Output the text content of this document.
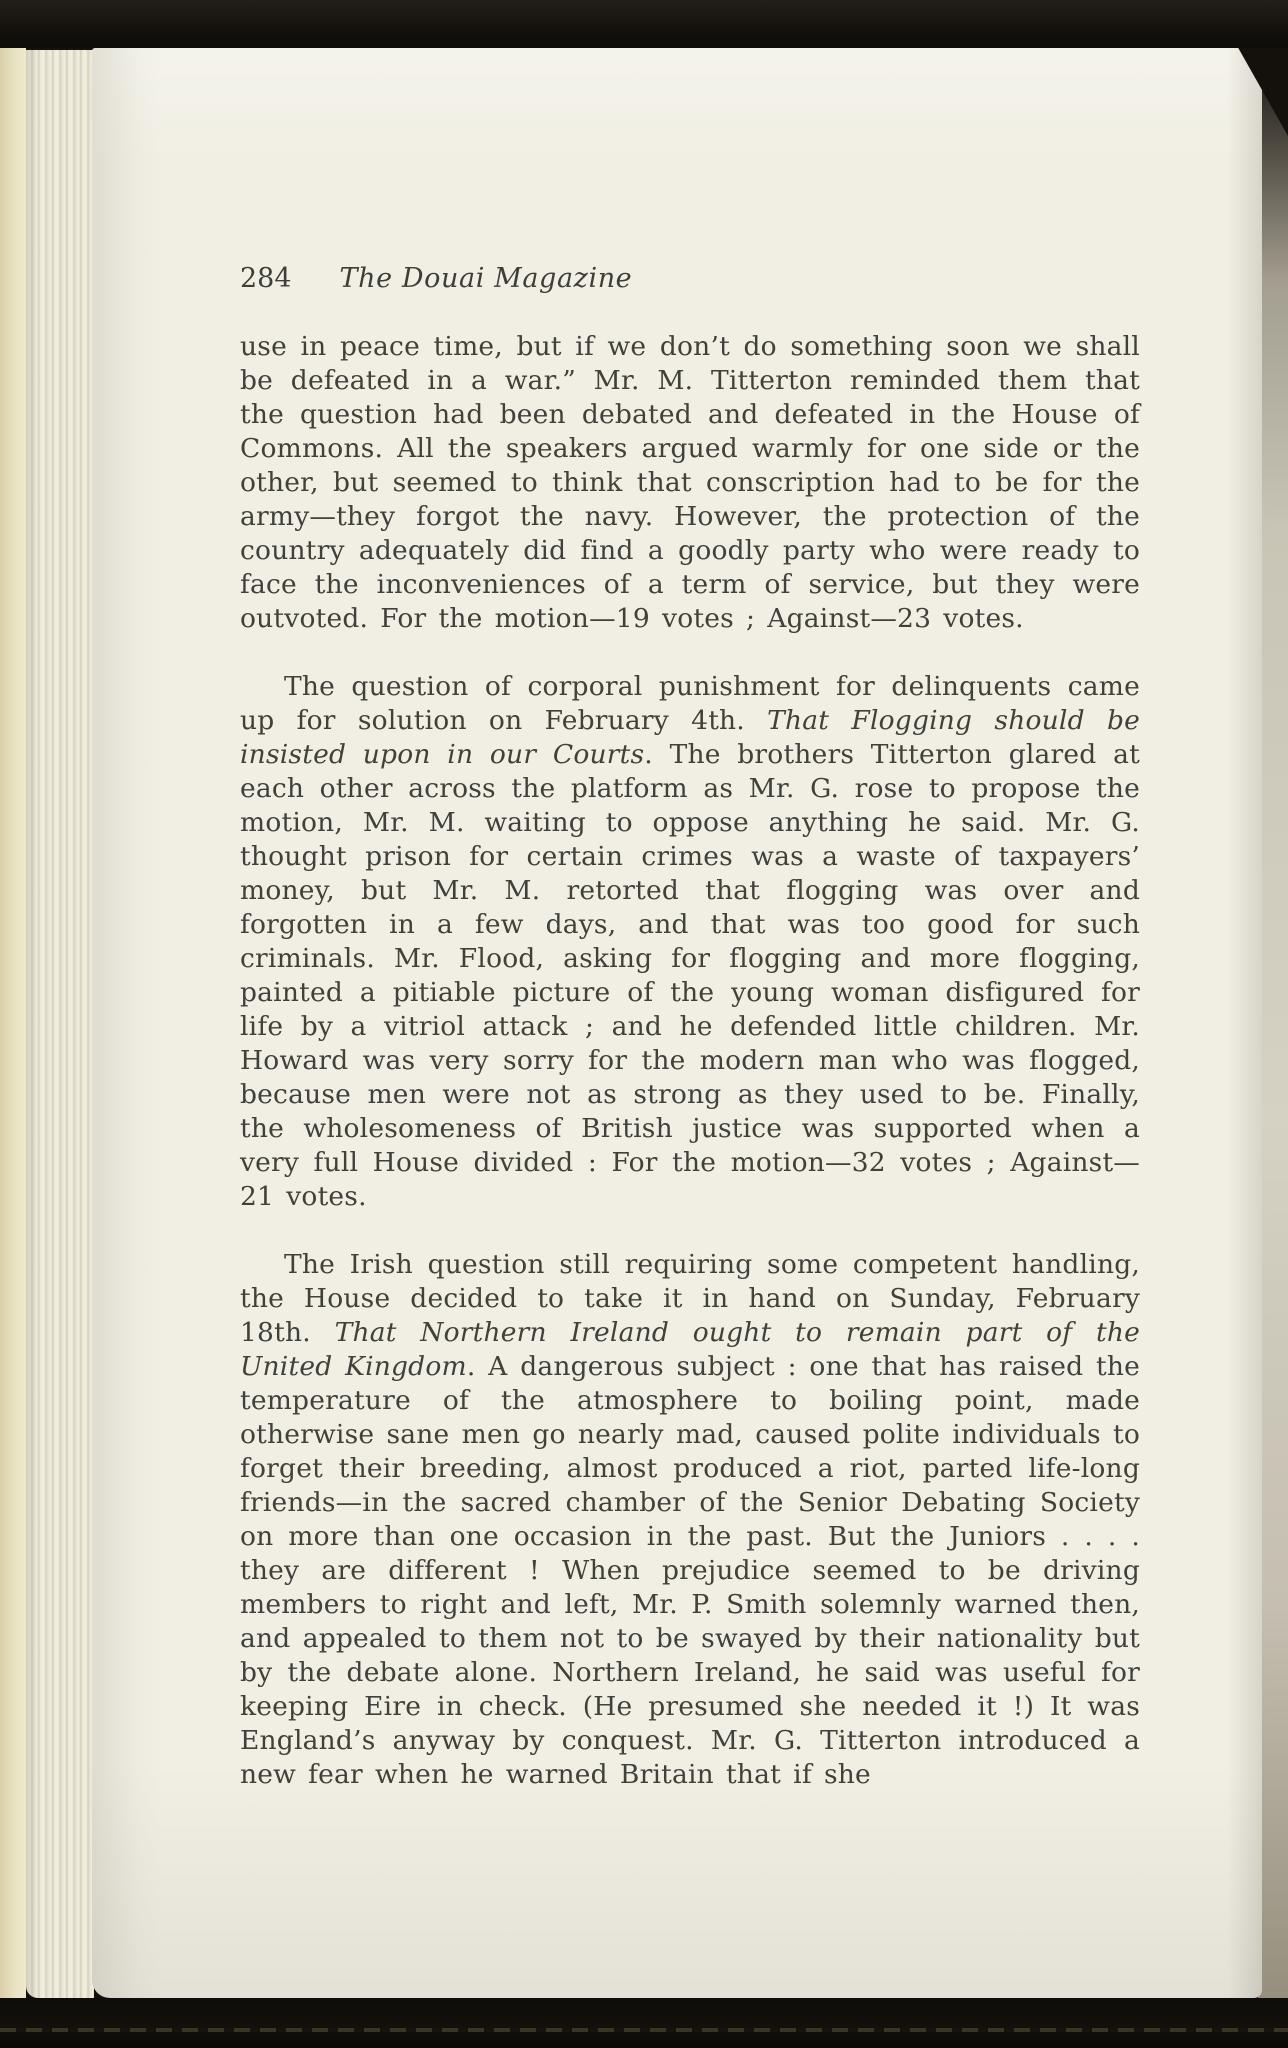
284 The Douai Magazine

use in peace time, but if we don’t do something soon we shall be defeated in a war.” Mr. M. Titterton reminded them that the question had been debated and defeated in the House of Commons. All the speakers argued warmly for one side or the other, but seemed to think that conscription had to be for the army—they forgot the navy. However, the protection of the country adequately did find a goodly party who were ready to face the inconveniences of a term of service, but they were outvoted. For the motion—19 votes ; Against—23 votes.

The question of corporal punishment for delinquents came up for solution on February 4th. That Flogging should be insisted upon in our Courts. The brothers Titterton glared at each other across the platform as Mr. G. rose to propose the motion, Mr. M. waiting to oppose anything he said. Mr. G. thought prison for certain crimes was a waste of taxpayers’ money, but Mr. M. retorted that flogging was over and forgotten in a few days, and that was too good for such criminals. Mr. Flood, asking for flogging and more flogging, painted a pitiable picture of the young woman disfigured for life by a vitriol attack ; and he defended little children. Mr. Howard was very sorry for the modern man who was flogged, because men were not as strong as they used to be. Finally, the wholesomeness of British justice was supported when a very full House divided : For the motion—32 votes ; Against—21 votes.

The Irish question still requiring some competent handling, the House decided to take it in hand on Sunday, February 18th. That Northern Ireland ought to remain part of the United Kingdom. A dangerous subject : one that has raised the temperature of the atmosphere to boiling point, made otherwise sane men go nearly mad, caused polite individuals to forget their breeding, almost produced a riot, parted life-long friends—in the sacred chamber of the Senior Debating Society on more than one occasion in the past. But the Juniors . . . . they are different ! When prejudice seemed to be driving members to right and left, Mr. P. Smith solemnly warned then, and appealed to them not to be swayed by their nationality but by the debate alone. Northern Ireland, he said was useful for keeping Eire in check. (He presumed she needed it !) It was England’s anyway by conquest. Mr. G. Titterton introduced a new fear when he warned Britain that if she
